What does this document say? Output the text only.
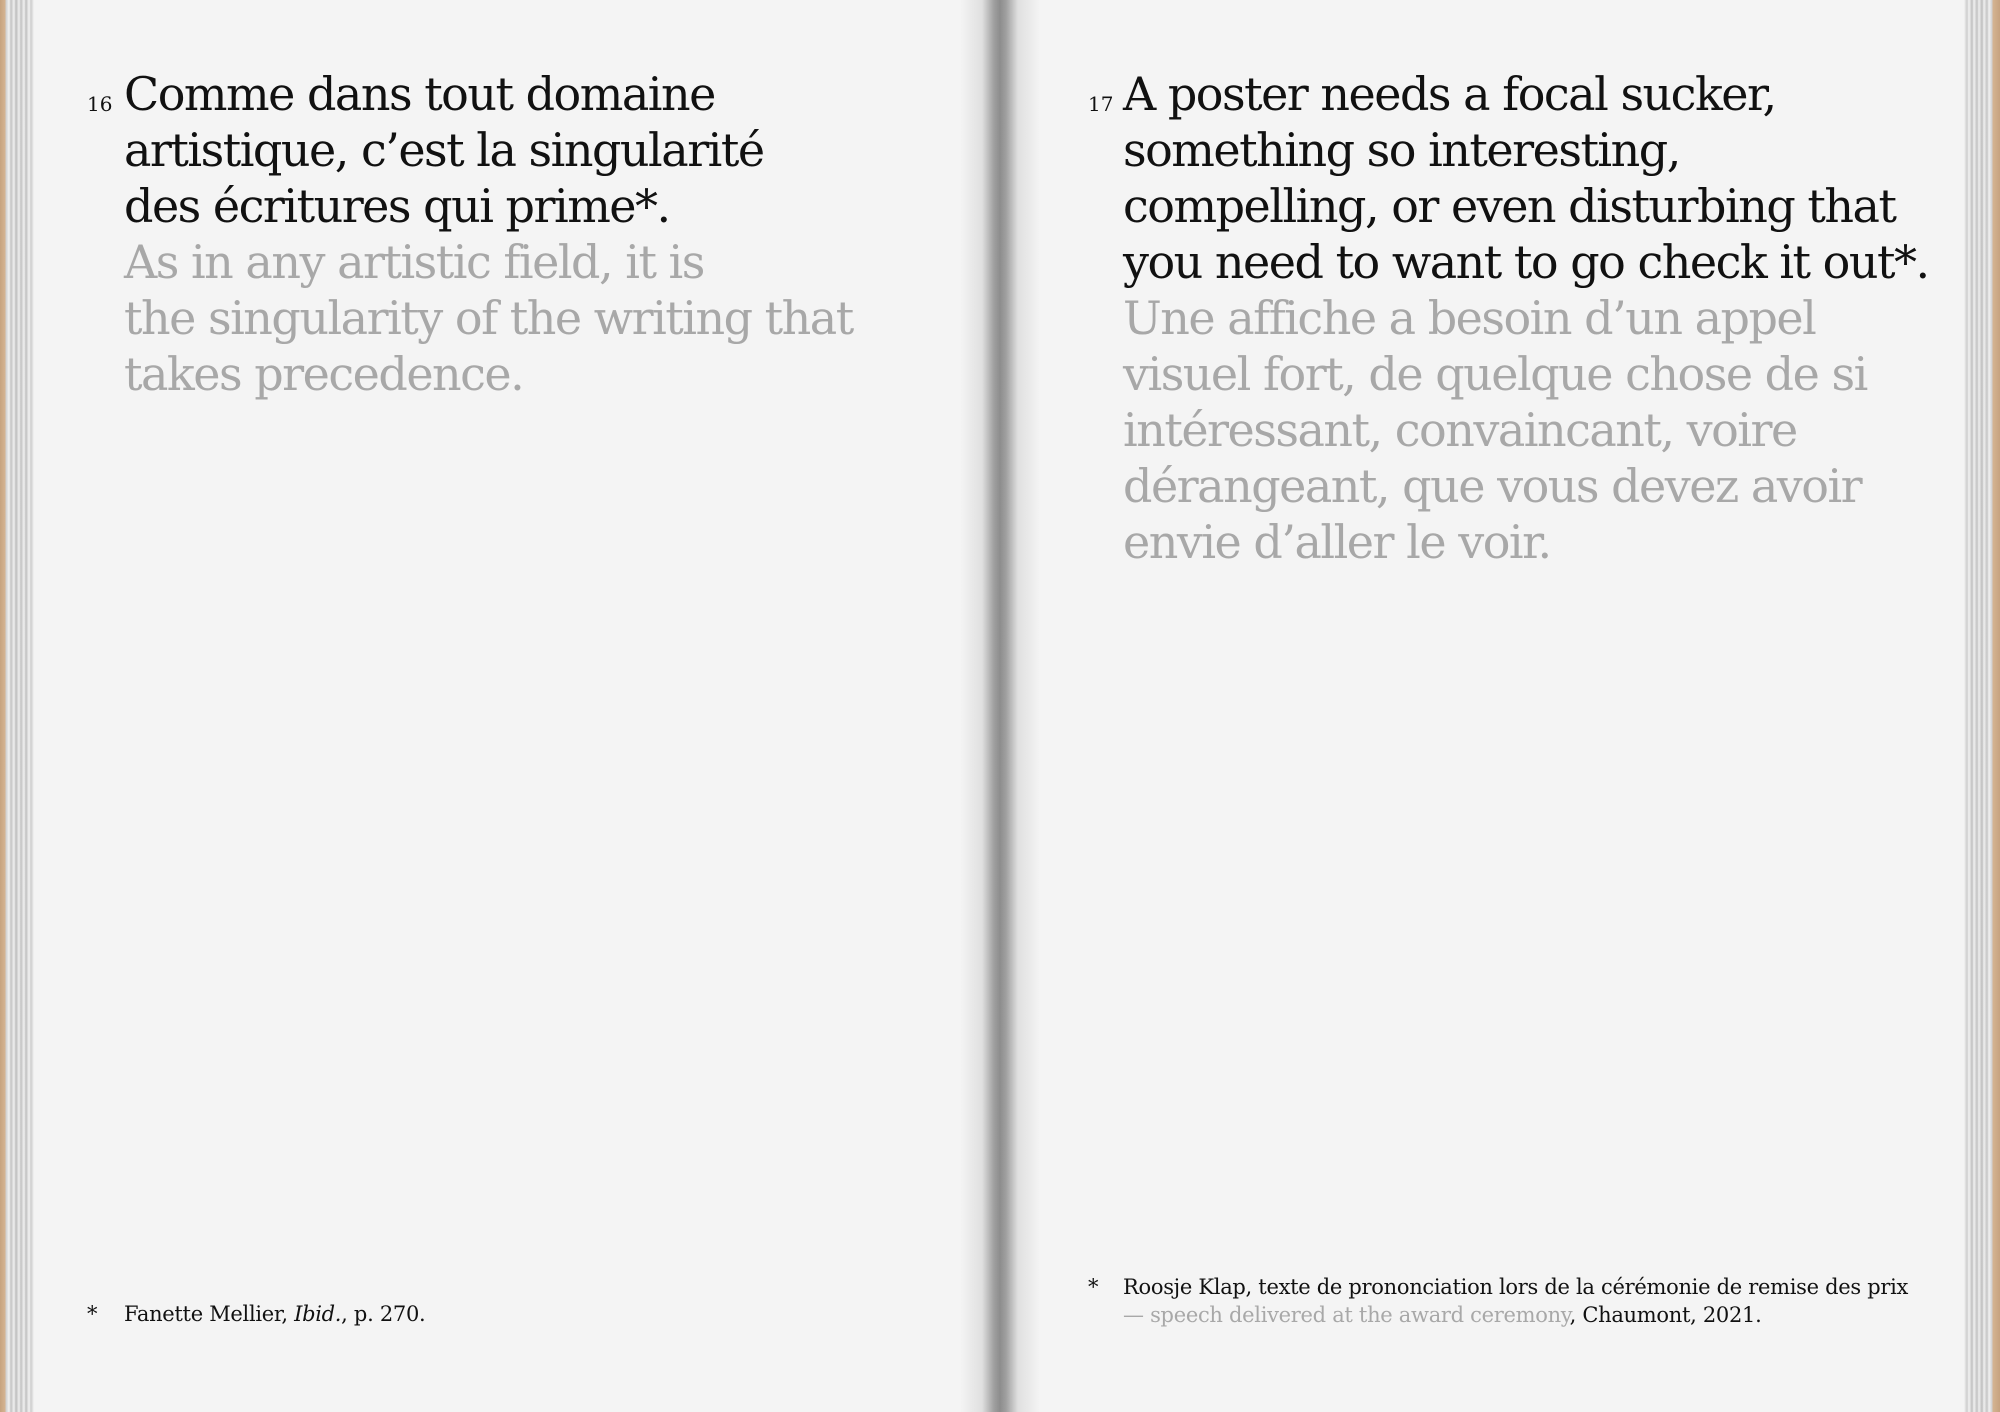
16 Comme dans tout domaine
artistique, c’est la singularité
des écritures qui prime*.

As in any artistic field, it is
the singularity of the writing that
takes precedence.

* Fanette Mellier, Ibid., p. 270.
17 A poster needs a focal sucker,
something so interesting,
compelling, or even disturbing that
you need to want to go check it out*.

Une affiche a besoin d’un appel
visuel fort, de quelque chose de si
intéressant, convaincant, voire
dérangeant, que vous devez avoir
envie d’aller le voir.

* Roosje Klap, texte de prononciation lors de la cérémonie de remise des prix
— speech delivered at the award ceremony, Chaumont, 2021.
